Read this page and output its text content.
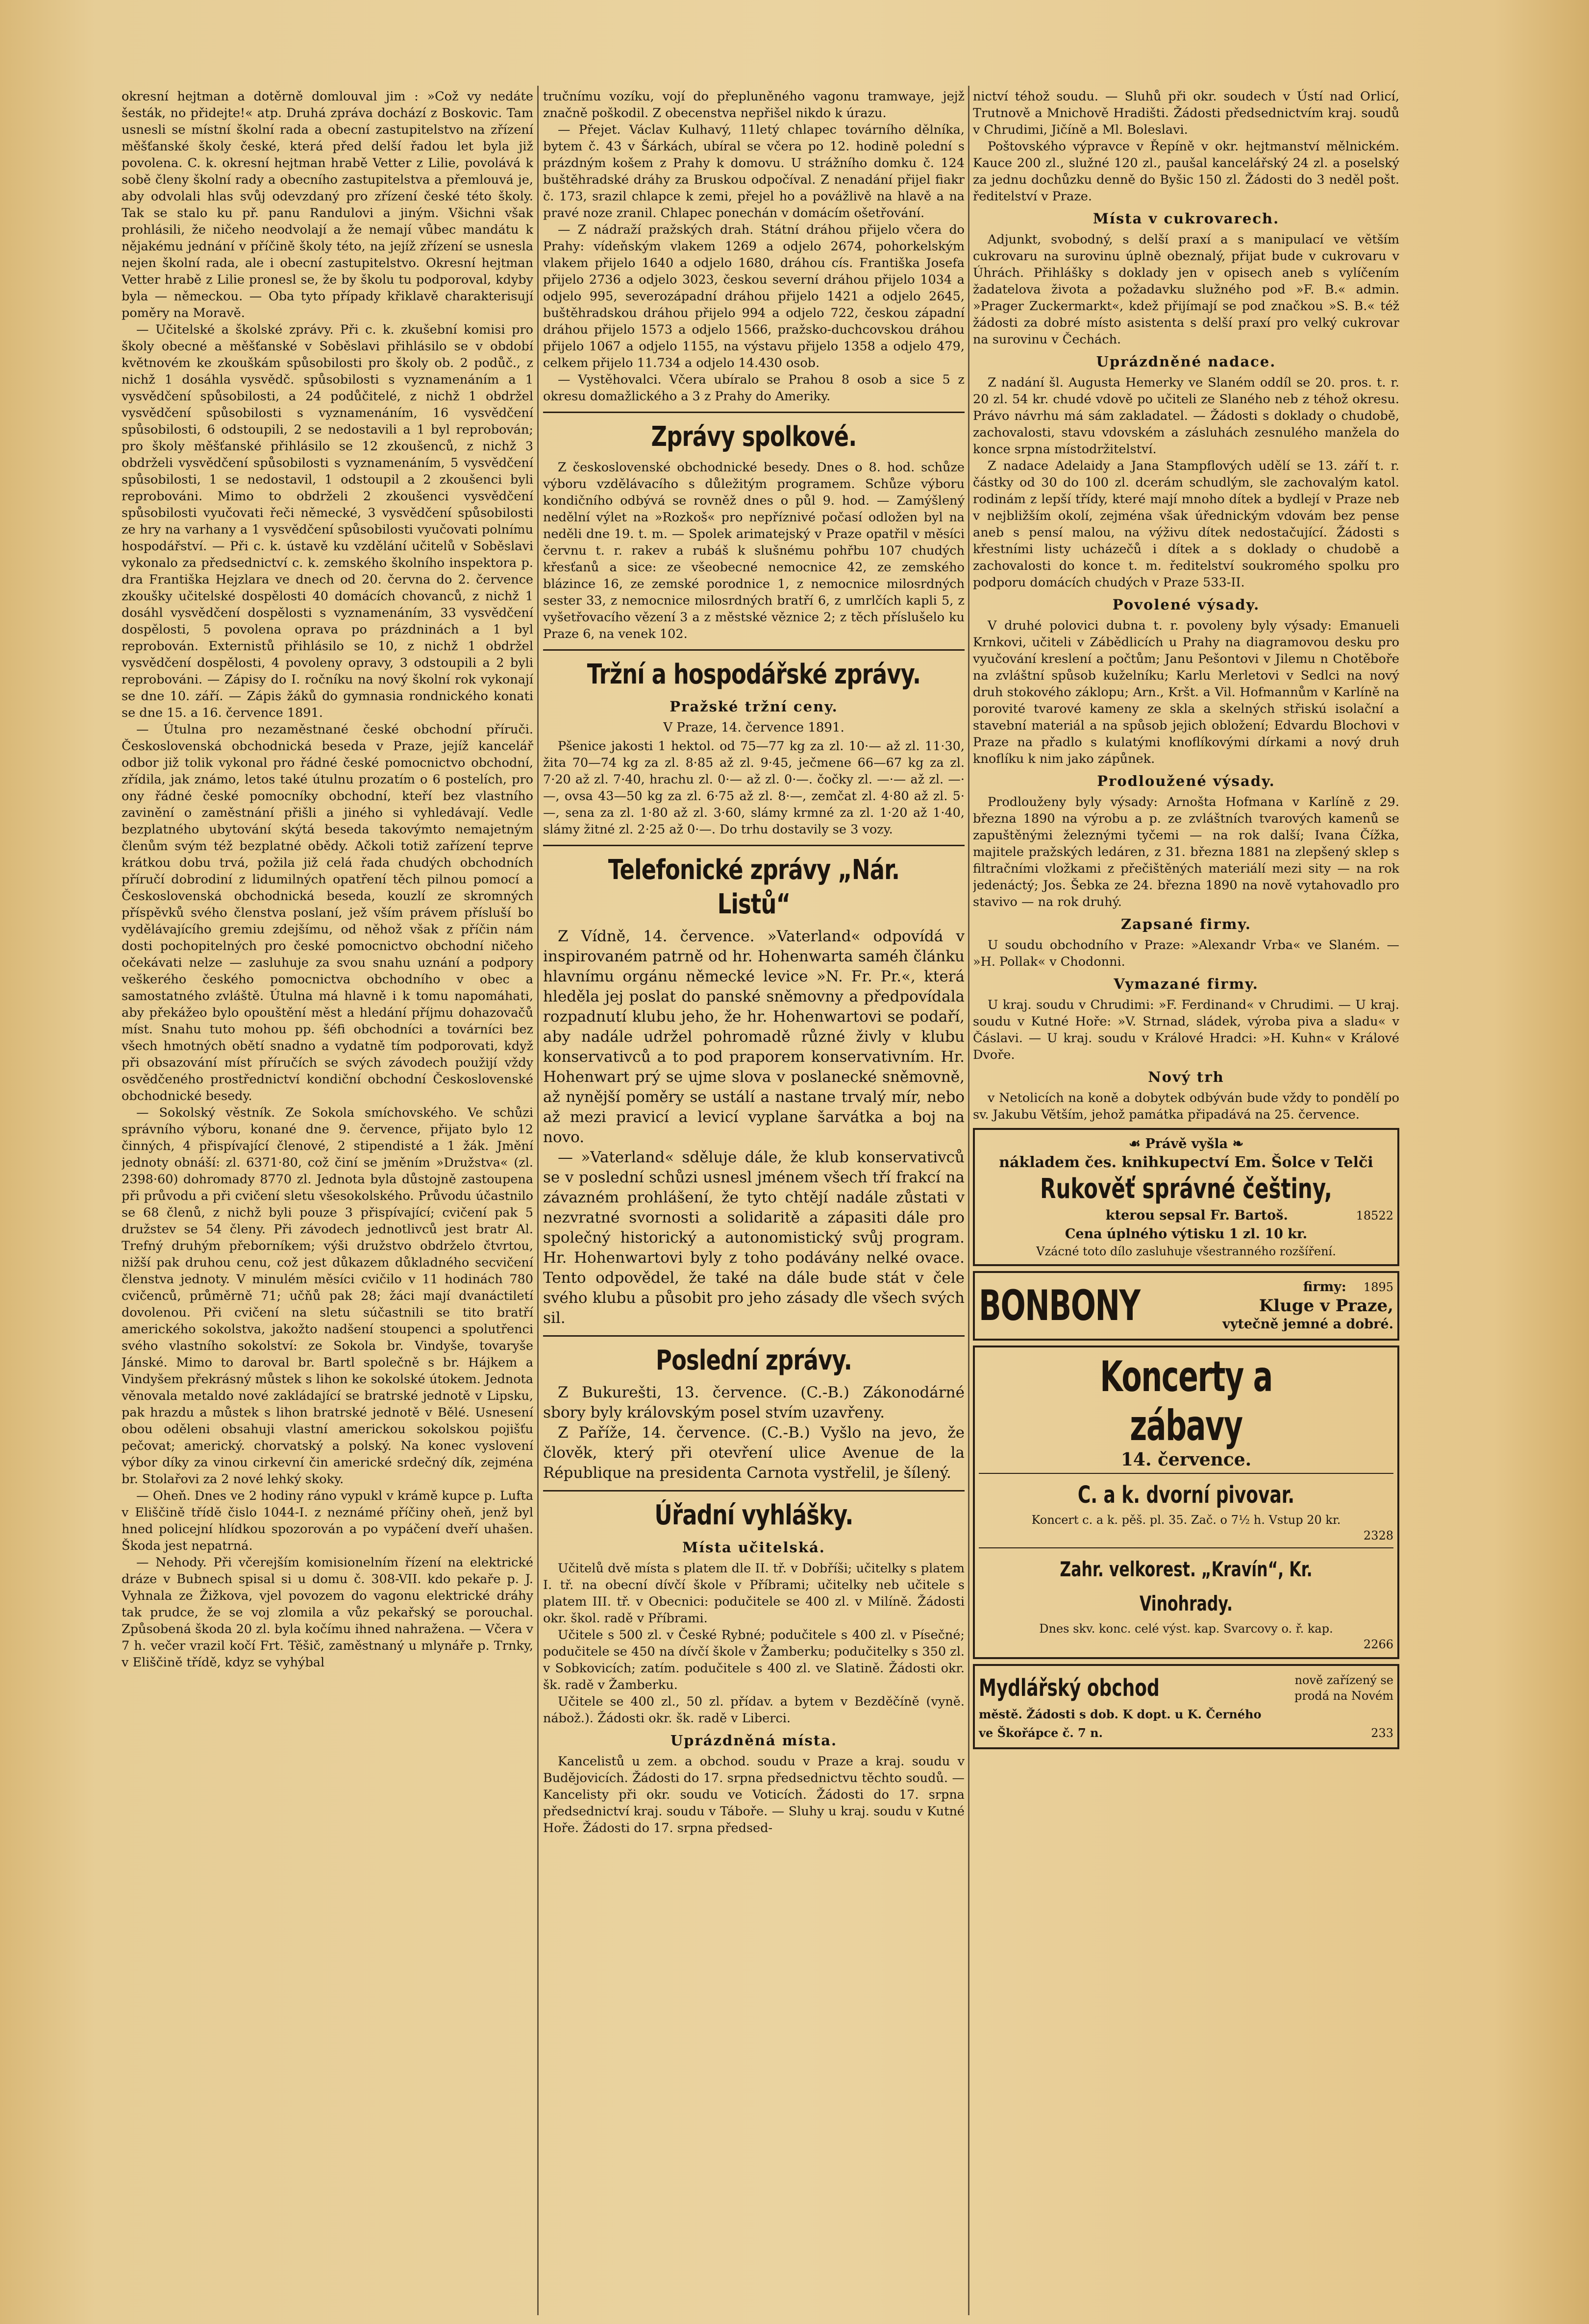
okresní hejtman a dotěrně domlouval jim : »Což vy nedáte šesták, no přidejte!« atp. Druhá zpráva dochází z Boskovic. Tam usnesli se místní školní rada a obecní zastupitelstvo na zřízení měšťanské školy české, která před delší řadou let byla již povolena. C. k. okresní hejtman hrabě Vetter z Lilie, povolává k sobě členy školní rady a obecního zastupitelstva a přemlouvá je, aby odvolali hlas svůj odevzdaný pro zřízení české této školy. Tak se stalo ku př. panu Randulovi a jiným. Všichni však prohlásili, že ničeho neodvolají a že nemají vůbec mandátu k nějakému jednání v příčině školy této, na jejíž zřízení se usnesla nejen školní rada, ale i obecní zastupitelstvo. Okresní hejtman Vetter hrabě z Lilie pronesl se, že by školu tu podporoval, kdyby byla — německou. — Oba tyto případy křiklavě charakterisují poměry na Moravě.

— Učitelské a školské zprávy. Při c. k. zkušební komisi pro školy obecné a měšťanské v Soběslavi přihlásilo se v období květnovém ke zkouškám spůsobilosti pro školy ob. 2 podůč., z nichž 1 dosáhla vysvědč. spůsobilosti s vyznamenáním a 1 vysvědčení spůsobilosti, a 24 podůčitelé, z nichž 1 obdržel vysvědčení spůsobilosti s vyznamenáním, 16 vysvědčení spůsobilosti, 6 odstoupili, 2 se nedostavili a 1 byl reprobován; pro školy měšťanské přihlásilo se 12 zkoušenců, z nichž 3 obdrželi vysvědčení spůsobilosti s vyznamenáním, 5 vysvědčení spůsobilosti, 1 se nedostavil, 1 odstoupil a 2 zkoušenci byli reprobováni. Mimo to obdrželi 2 zkoušenci vysvědčení spůsobilosti vyučovati řeči německé, 3 vysvědčení spůsobilosti ze hry na varhany a 1 vysvědčení spůsobilosti vyučovati polnímu hospodářství. — Při c. k. ústavě ku vzdělání učitelů v Soběslavi vykonalo za předsednictví c. k. zemského školního inspektora p. dra Františka Hejzlara ve dnech od 20. června do 2. července zkoušky učitelské dospělosti 40 domácích chovanců, z nichž 1 dosáhl vysvědčení dospělosti s vyznamenáním, 33 vysvědčení dospělosti, 5 povolena oprava po prázdninách a 1 byl reprobován. Externistů přihlásilo se 10, z nichž 1 obdržel vysvědčení dospělosti, 4 povoleny opravy, 3 odstoupili a 2 byli reprobováni. — Zápisy do I. ročníku na nový školní rok vykonají se dne 10. září. — Zápis žáků do gymnasia rondnického konati se dne 15. a 16. července 1891.

— Útulna pro nezaměstnané české obchodní příruči. Československá obchodnická beseda v Praze, jejíž kancelář odbor již tolik vykonal pro řádné české pomocnictvo obchodní, zřídila, jak známo, letos také útulnu prozatím o 6 postelích, pro ony řádné české pomocníky obchodní, kteří bez vlastního zavinění o zaměstnání přišli a jiného si vyhledávají. Vedle bezplatného ubytování skýtá beseda takovýmto nemajetným členům svým též bezplatné obědy. Ačkoli totiž zařízení teprve krátkou dobu trvá, požila již celá řada chudých obchodních příručí dobrodiní z lidumilných opatření těch pilnou pomocí a Československá obchodnická beseda, kouzlí ze skromných příspěvků svého členstva poslaní, jež vším právem přísluší bo vydělávajícího gremiu zdejšímu, od něhož však z příčin nám dosti pochopitelných pro české pomocnictvo obchodní ničeho očekávati nelze — zasluhuje za svou snahu uznání a podpory veškerého českého pomocnictva obchodního v obec a samostatného zvláště. Útulna má hlavně i k tomu napomáhati, aby překážeo bylo opouštění měst a hledání příjmu dohazovačů míst. Snahu tuto mohou pp. šéfi obchodníci a továrníci bez všech hmotných obětí snadno a vydatně tím podporovati, když při obsazování míst příručích se svých závodech použijí vždy osvědčeného prostřednictví kondiční obchodní Československé obchodnické besedy.

— Sokolský věstník. Ze Sokola smíchovského. Ve schůzi správního výboru, konané dne 9. července, přijato bylo 12 činných, 4 přispívající členové, 2 stipendisté a 1 žák. Jmění jednoty obnáší: zl. 6371·80, což činí se jměním »Družstva« (zl. 2398·60) dohromady 8770 zl. Jednota byla důstojně zastoupena při průvodu a při cvičení sletu všesokolského. Průvodu účastnilo se 68 členů, z nichž byli pouze 3 přispívající; cvičení pak 5 družstev se 54 členy. Při závodech jednotlivců jest bratr Al. Trefný druhým přeborníkem; výši družstvo obdrželo čtvrtou, nižší pak druhou cenu, což jest důkazem důkladného secvičení členstva jednoty. V minulém měsíci cvičilo v 11 hodinách 780 cvičenců, průměrně 71; učňů pak 28; žáci mají dvanáctiletí dovolenou. Při cvičení na sletu súčastnili se tito bratří amerického sokolstva, jakožto nadšení stoupenci a spolutřenci svého vlastního sokolství: ze Sokola br. Vindyše, tovaryše Jánské. Mimo to daroval br. Bartl společně s br. Hájkem a Vindyšem překrásný můstek s lihon ke sokolské útokem. Jednota věnovala metaldo nové zakládající se bratrské jednotě v Lipsku, pak hrazdu a můstek s lihon bratrské jednotě v Bělé. Usnesení obou oděleni obsahuji vlastní americkou sokolskou pojišťu pečovat; americký. chorvatský a polský. Na konec vyslovení výbor díky za vinou cirkevní čin americké srdečný dík, zejména br. Stolařovi za 2 nové lehký skoky.

— Oheň. Dnes ve 2 hodiny ráno vypukl v krámě kupce p. Lufta v Eliščině třídě čislo 1044-I. z neznámé příčiny oheň, jenž byl hned policejní hlídkou spozorován a po vypáčení dveří uhašen. Škoda jest nepatrná.

— Nehody. Při včerejším komisionelním řízení na elektrické dráze v Bubnech spisal si u domu č. 308-VII. kdo pekaře p. J. Vyhnala ze Žižkova, vjel povozem do vagonu elektrické dráhy tak prudce, že se voj zlomila a vůz pekařský se porouchal. Způsobená škoda 20 zl. byla kočímu ihned nahražena. — Včera v 7 h. večer vrazil kočí Frt. Těšič, zaměstnaný u mlynáře p. Trnky, v Eliščině třídě, kdyz se vyhýbal

tručnímu vozíku, vojí do přepluněného vagonu tramwaye, jejž značně poškodil. Z obecenstva nepřišel nikdo k úrazu.

— Přejet. Václav Kulhavý, 11letý chlapec továrního dělníka, bytem č. 43 v Šárkách, ubíral se včera po 12. hodině polední s prázdným košem z Prahy k domovu. U strážního domku č. 124 buštěhradské dráhy za Bruskou odpočíval. Z nenadání přijel fiakr č. 173, srazil chlapce k zemi, přejel ho a povážlivě na hlavě a na pravé noze zranil. Chlapec ponechán v domácím ošetřování.

— Z nádraží pražských drah. Státní dráhou přijelo včera do Prahy: vídeňským vlakem 1269 a odjelo 2674, pohorkelským vlakem přijelo 1640 a odjelo 1680, dráhou cís. Františka Josefa přijelo 2736 a odjelo 3023, českou severní dráhou přijelo 1034 a odjelo 995, severozápadní dráhou přijelo 1421 a odjelo 2645, buštěhradskou dráhou přijelo 994 a odjelo 722, českou západní dráhou přijelo 1573 a odjelo 1566, pražsko-duchcovskou dráhou přijelo 1067 a odjelo 1155, na výstavu přijelo 1358 a odjelo 479, celkem přijelo 11.734 a odjelo 14.430 osob.

— Vystěhovalci. Včera ubíralo se Prahou 8 osob a sice 5 z okresu domažlického a 3 z Prahy do Ameriky.

Zprávy spolkové.

Z československé obchodnické besedy. Dnes o 8. hod. schůze výboru vzdělávacího s důležitým programem. Schůze výboru kondičního odbývá se rovněž dnes o půl 9. hod. — Zamýšlený nedělní výlet na »Rozkoš« pro nepříznivé počasí odložen byl na neděli dne 19. t. m. — Spolek arimatejský v Praze opatřil v měsíci červnu t. r. rakev a rubáš k slušnému pohřbu 107 chudých křesťanů a sice: ze všeobecné nemocnice 42, ze zemského blázince 16, ze zemské porodnice 1, z nemocnice milosrdných sester 33, z nemocnice milosrdných bratří 6, z umrlčích kapli 5, z vyšetřovacího vězení 3 a z městské věznice 2; z těch příslušelo ku Praze 6, na venek 102.

Tržní a hospodářské zprávy.
Pražské tržní ceny.
V Praze, 14. července 1891.

Pšenice jakosti 1 hektol. od 75—77 kg za zl. 10·— až zl. 11·30, žita 70—74 kg za zl. 8·85 až zl. 9·45, ječmene 66—67 kg za zl. 7·20 až zl. 7·40, hrachu zl. 0·— až zl. 0·—. čočky zl. —·— až zl. —·—, ovsa 43—50 kg za zl. 6·75 až zl. 8·—, zemčat zl. 4·80 až zl. 5·—, sena za zl. 1·80 až zl. 3·60, slámy krmné za zl. 1·20 až 1·40, slámy žitné zl. 2·25 až 0·—. Do trhu dostavily se 3 vozy.

Telefonické zprávy „Nár. Listů“

Z Vídně, 14. července. »Vaterland« odpovídá v inspirovaném patrně od hr. Hohenwarta saméh článku hlavnímu orgánu německé levice »N. Fr. Pr.«, která hleděla jej poslat do panské sněmovny a předpovídala rozpadnutí klubu jeho, že hr. Hohenwartovi se podaří, aby nadále udržel pohromadě různé živly v klubu konservativců a to pod praporem konservativním. Hr. Hohenwart prý se ujme slova v poslanecké sněmovně, až nynější poměry se ustálí a nastane trvalý mír, nebo až mezi pravicí a levicí vyplane šarvátka a boj na novo.

— »Vaterland« sděluje dále, že klub konservativců se v poslední schůzi usnesl jménem všech tří frakcí na závazném prohlášení, že tyto chtějí nadále zůstati v nezvratné svornosti a solidaritě a zápasiti dále pro společný historický a autonomistický svůj program. Hr. Hohenwartovi byly z toho podávány nelké ovace. Tento odpovědel, že také na dále bude stát v čele svého klubu a působit pro jeho zásady dle všech svých sil.

Poslední zprávy.

Z Bukurešti, 13. července. (C.-B.) Zákonodárné sbory byly královským posel stvím uzavřeny.

Z Paříže, 14. července. (C.-B.) Vyšlo na jevo, že člověk, který při otevření ulice Avenue de la République na presidenta Carnota vystřelil, je šílený.

Úřadní vyhlášky.
Místa učitelská.

Učitelů dvě místa s platem dle II. tř. v Dobříši; učitelky s platem I. tř. na obecní dívčí škole v Příbrami; učitelky neb učitele s platem III. tř. v Obecnici: podučitele se 400 zl. v Milíně. Žádosti okr. škol. radě v Příbrami.

Učitele s 500 zl. v České Rybné; podučitele s 400 zl. v Písečné; podučitele se 450 na dívčí škole v Žamberku; podučitelky s 350 zl. v Sobkovicích; zatím. podučitele s 400 zl. ve Slatině. Žádosti okr. šk. radě v Žamberku.

Učitele se 400 zl., 50 zl. přídav. a bytem v Bezděčíně (vyně. nábož.). Žádosti okr. šk. radě v Liberci.

Uprázdněná místa.

Kancelistů u zem. a obchod. soudu v Praze a kraj. soudu v Budějovicích. Žádosti do 17. srpna předsednictvu těchto soudů. — Kancelisty při okr. soudu ve Voticích. Žádosti do 17. srpna předsednictví kraj. soudu v Táboře. — Sluhy u kraj. soudu v Kutné Hoře. Žádosti do 17. srpna předsed-

nictví téhož soudu. — Sluhů při okr. soudech v Ústí nad Orlicí, Trutnově a Mnichově Hradišti. Žádosti předsednictvím kraj. soudů v Chrudimi, Jičíně a Ml. Boleslavi.

Poštovského výpravce v Řepíně v okr. hejtmanství mělnickém. Kauce 200 zl., služné 120 zl., paušal kancelářský 24 zl. a poselský za jednu dochůzku denně do Byšic 150 zl. Žádosti do 3 neděl pošt. ředitelství v Praze.

Místa v cukrovarech.

Adjunkt, svobodný, s delší praxí a s manipulací ve větším cukrovaru na surovinu úplně obeznalý, přijat bude v cukrovaru v Úhrách. Přihlášky s doklady jen v opisech aneb s vylíčením žadatelova života a požadavku služného pod »F. B.« admin. »Prager Zuckermarkt«, kdež přijímají se pod značkou »S. B.« též žádosti za dobré místo asistenta s delší praxí pro velký cukrovar na surovinu v Čechách.

Uprázdněné nadace.

Z nadání šl. Augusta Hemerky ve Slaném oddíl se 20. pros. t. r. 20 zl. 54 kr. chudé vdově po učiteli ze Slaného neb z téhož okresu. Právo návrhu má sám zakladatel. — Žádosti s doklady o chudobě, zachovalosti, stavu vdovském a zásluhách zesnulého manžela do konce srpna místodržitelství.

Z nadace Adelaidy a Jana Stampflových udělí se 13. září t. r. částky od 30 do 100 zl. dcerám schudlým, sle zachovalým katol. rodinám z lepší třídy, které mají mnoho dítek a bydlejí v Praze neb v nejbližším okolí, zejména však úřednickým vdovám bez pense aneb s pensí malou, na výživu dítek nedostačující. Žádosti s křestními listy ucházečů i dítek a s doklady o chudobě a zachovalosti do konce t. m. ředitelství soukromého spolku pro podporu domácích chudých v Praze 533-II.

Povolené výsady.

V druhé polovici dubna t. r. povoleny byly výsady: Emanueli Krnkovi, učiteli v Zábědlicích u Prahy na diagramovou desku pro vyučování kreslení a počtům; Janu Pešontovi v Jilemu n Chotěboře na zvláštní spůsob kuželníku; Karlu Merletovi v Sedlci na nový druh stokového záklopu; Arn., Kršt. a Vil. Hofmannům v Karlíně na porovité tvarové kameny ze skla a skelných střiskú isolační a stavební materiál a na spůsob jejich obložení; Edvardu Blochovi v Praze na přadlo s kulatými knoflíkovými dírkami a nový druh knoflíku k nim jako zápůnek.

Prodloužené výsady.

Prodlouženy byly výsady: Arnošta Hofmana v Karlíně z 29. března 1890 na výrobu a p. ze zvláštních tvarových kamenů se zapuštěnými železnými tyčemi — na rok další; Ivana Čížka, majitele pražských ledáren, z 31. března 1881 na zlepšený sklep s filtračními vložkami z přečištěných materiálí mezi sity — na rok jedenáctý; Jos. Šebka ze 24. března 1890 na nově vytahovadlo pro stavivo — na rok druhý.

Zapsané firmy.

U soudu obchodního v Praze: »Alexandr Vrba« ve Slaném. — »H. Pollak« v Chodonni.

Vymazané firmy.

U kraj. soudu v Chrudimi: »F. Ferdinand« v Chrudimi. — U kraj. soudu v Kutné Hoře: »V. Strnad, sládek, výroba piva a sladu« v Čáslavi. — U kraj. soudu v Králové Hradci: »H. Kuhn« v Králové Dvoře.

Nový trh

v Netolicích na koně a dobytek odbýván bude vždy to pondělí po sv. Jakubu Větším, jehož památka připadává na 25. července.

☙ Právě vyšla ❧
nákladem čes. knihkupectví Em. Šolce v Telči
Rukověť správné češtiny,
kterou sepsal Fr. Bartoš.	18522
Cena úplného výtisku 1 zl. 10 kr.
Vzácné toto dílo zasluhuje všestranného rozšíření.
BONBONY	firmy: 1895
Kluge v Praze,
vytečně jemné a dobré.
Koncerty a zábavy
14. července.
C. a k. dvorní pivovar.
Koncert c. a k. pěš. pl. 35. Zač. o 7½ h. Vstup 20 kr.
2328
Zahr. velkorest. „Kravín“, Kr. Vinohrady.
Dnes skv. konc. celé výst. kap. Svarcovy o. ř. kap.
2266
Mydlářský obchod	nově zařízený se
prodá na Novém
městě. Žádosti s dob. K dopt. u K. Černého
ve Škořápce č. 7 n.	233
